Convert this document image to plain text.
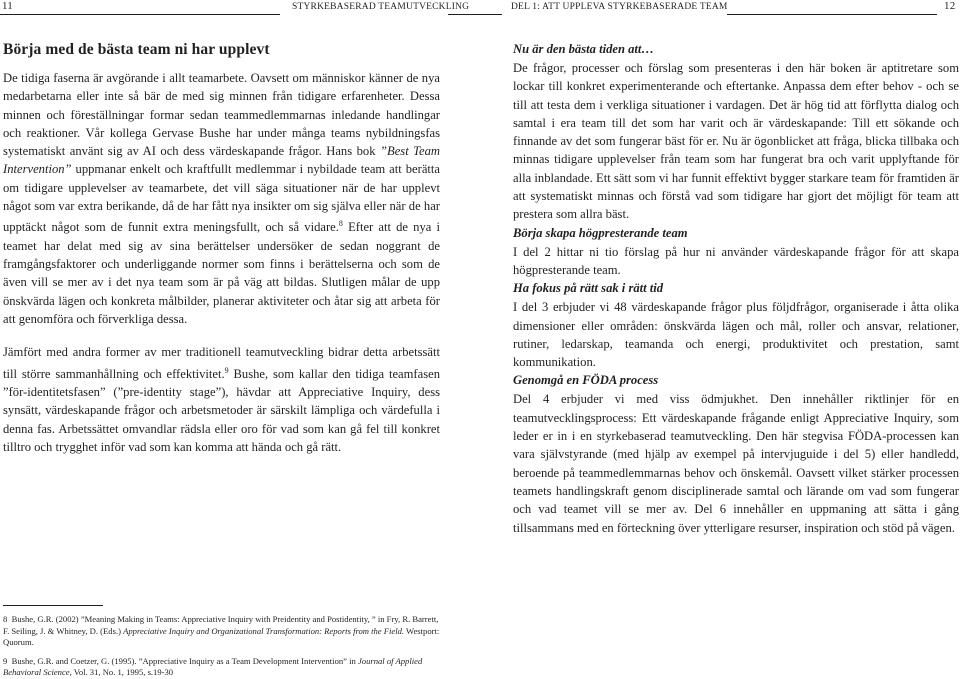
11	STYRKEBASERAD TEAMUTVECKLING	DEL 1: ATT UPPLEVA STYRKEBASERADE TEAM	12
Börja med de bästa team ni har upplevt

De tidiga faserna är avgörande i allt teamarbete. Oavsett om människor känner de nya medarbetarna eller inte så bär de med sig minnen från tidigare erfarenheter. Dessa minnen och föreställningar formar sedan teammedlemmarnas inledande handlingar och reaktioner. Vår kollega Gervase Bushe har under många teams nybildningsfas systematiskt använt sig av AI och dess värdeskapande frågor. Hans bok ”Best Team Intervention” uppmanar enkelt och kraftfullt medlemmar i nybildade team att berätta om tidigare upplevelser av teamarbete, det vill säga situationer när de har upplevt något som var extra berikande, då de har fått nya insikter om sig själva eller när de har upptäckt något som de funnit extra meningsfullt, och så vidare.$^8$ Efter att de nya i teamet har delat med sig av sina berättelser undersöker de sedan noggrant de framgångsfaktorer och underliggande normer som finns i berättelserna och som de även vill se mer av i det nya team som är på väg att bildas. Slutligen målar de upp önskvärda lägen och konkreta målbilder, planerar aktiviteter och åtar sig att arbeta för att genomföra och förverkliga dessa.

Jämfört med andra former av mer traditionell teamutveckling bidrar detta arbetssätt till större sammanhållning och effektivitet.$^9$ Bushe, som kallar den tidiga teamfasen ”för-identitetsfasen” (”pre-identity stage”), hävdar att Appreciative Inquiry, dess synsätt, värdeskapande frågor och arbetsmetoder är särskilt lämpliga och värdefulla i denna fas. Arbetssättet omvandlar rädsla eller oro för vad som kan gå fel till konkret tilltro och trygghet inför vad som kan komma att hända och gå rätt.

8 Bushe, G.R. (2002) ”Meaning Making in Teams: Appreciative Inquiry with Preidentity and Postidentity, ” in Fry, R. Barrett, F. Seiling, J. & Whitney, D. (Eds.) Appreciative Inquiry and Organizational Transformation: Reports from the Field. Westport: Quorum.
9 Bushe, G.R. and Coetzer, G. (1995). ”Appreciative Inquiry as a Team Development Intervention” in Journal of Applied Behavioral Science, Vol. 31, No. 1, 1995, s.19-30
Nu är den bästa tiden att…

De frågor, processer och förslag som presenteras i den här boken är aptitretare som lockar till konkret experimenterande och eftertanke. Anpassa dem efter behov - och se till att testa dem i verkliga situationer i vardagen. Det är hög tid att förflytta dialog och samtal i era team till det som har varit och är värdeskapande: Till ett sökande och finnande av det som fungerar bäst för er. Nu är ögonblicket att fråga, blicka tillbaka och minnas tidigare upplevelser från team som har fungerat bra och varit upplyftande för alla inblandade. Ett sätt som vi har funnit effektivt bygger starkare team för framtiden är att systematiskt minnas och förstå vad som tidigare har gjort det möjligt för team att prestera som allra bäst.

Börja skapa högpresterande team

I del 2 hittar ni tio förslag på hur ni använder värdeskapande frågor för att skapa högpresterande team.

Ha fokus på rätt sak i rätt tid

I del 3 erbjuder vi 48 värdeskapande frågor plus följdfrågor, organiserade i åtta olika dimensioner eller områden: önskvärda lägen och mål, roller och ansvar, relationer, rutiner, ledarskap, teamanda och energi, produktivitet och prestation, samt kommunikation.

Genomgå en FÖDA process

Del 4 erbjuder vi med viss ödmjukhet. Den innehåller riktlinjer för en teamutvecklingsprocess: Ett värdeskapande frågande enligt Appreciative Inquiry, som leder er in i en styrkebaserad teamutveckling. Den här stegvisa FÖDA-processen kan vara självstyrande (med hjälp av exempel på intervjuguide i del 5) eller handledd, beroende på teammedlemmarnas behov och önskemål. Oavsett vilket stärker processen teamets handlingskraft genom disciplinerade samtal och lärande om vad som fungerar och vad teamet vill se mer av. Del 6 innehåller en uppmaning att sätta i gång tillsammans med en förteckning över ytterligare resurser, inspiration och stöd på vägen.
